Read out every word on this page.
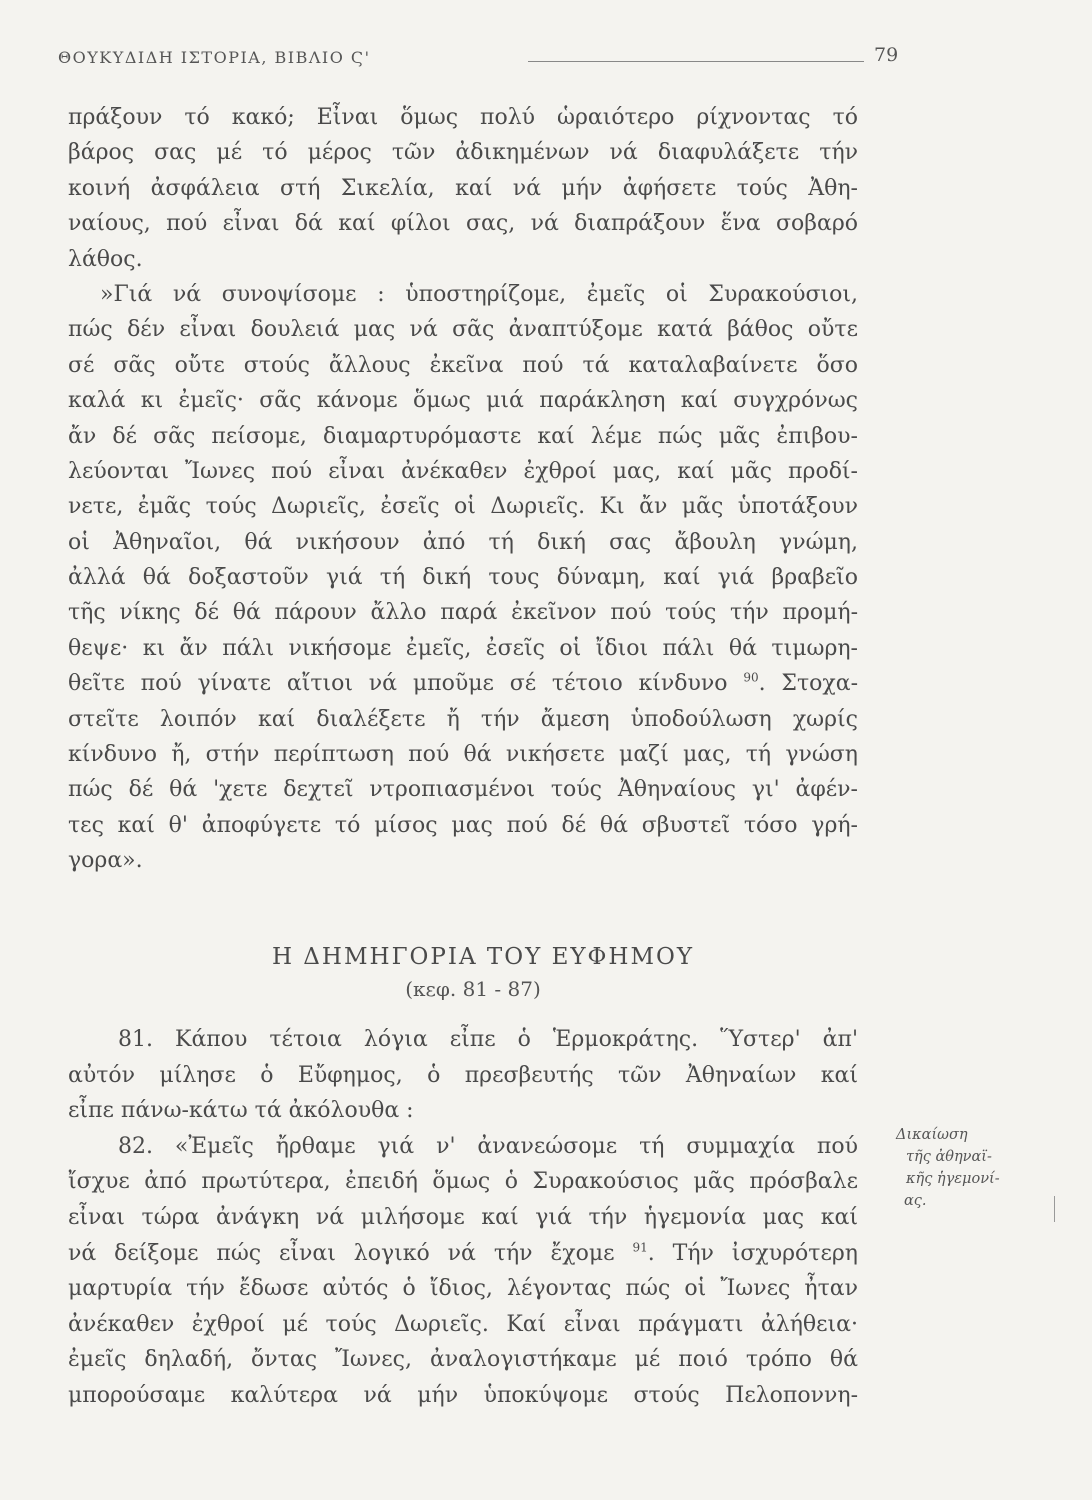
ΘΟΥΚΥΔΙΔΗ ΙΣΤΟΡΙΑ, ΒΙΒΛΙΟ Ϛ'	79
πράξουν τό κακό; Εἶναι ὅμως πολύ ὡραιότερο ρίχνοντας τό
βάρος σας μέ τό μέρος τῶν ἀδικημένων νά διαφυλάξετε τήν
κοινή ἀσφάλεια στή Σικελία, καί νά μήν ἀφήσετε τούς Ἀθη-
ναίους, πού εἶναι δά καί φίλοι σας, νά διαπράξουν ἕνα σοβαρό
λάθος.
»Γιά νά συνοψίσομε : ὑποστηρίζομε, ἐμεῖς οἱ Συρακούσιοι,
πώς δέν εἶναι δουλειά μας νά σᾶς ἀναπτύξομε κατά βάθος οὔτε
σέ σᾶς οὔτε στούς ἄλλους ἐκεῖνα πού τά καταλαβαίνετε ὅσο
καλά κι ἐμεῖς· σᾶς κάνομε ὅμως μιά παράκληση καί συγχρόνως
ἄν δέ σᾶς πείσομε, διαμαρτυρόμαστε καί λέμε πώς μᾶς ἐπιβου-
λεύονται Ἴωνες πού εἶναι ἀνέκαθεν ἐχθροί μας, καί μᾶς προδί-
νετε, ἐμᾶς τούς Δωριεῖς, ἐσεῖς οἱ Δωριεῖς. Κι ἄν μᾶς ὑποτάξουν
οἱ Ἀθηναῖοι, θά νικήσουν ἀπό τή δική σας ἄβουλη γνώμη,
ἀλλά θά δοξαστοῦν γιά τή δική τους δύναμη, καί γιά βραβεῖο
τῆς νίκης δέ θά πάρουν ἄλλο παρά ἐκεῖνον πού τούς τήν προμή-
θεψε· κι ἄν πάλι νικήσομε ἐμεῖς, ἐσεῖς οἱ ἴδιοι πάλι θά τιμωρη-
θεῖτε πού γίνατε αἴτιοι νά μποῦμε σέ τέτοιο κίνδυνο $^{90}$. Στοχα-
στεῖτε λοιπόν καί διαλέξετε ἤ τήν ἄμεση ὑποδούλωση χωρίς
κίνδυνο ἤ, στήν περίπτωση πού θά νικήσετε μαζί μας, τή γνώση
πώς δέ θά 'χετε δεχτεῖ ντροπιασμένοι τούς Ἀθηναίους γι' ἀφέν-
τες καί θ' ἀποφύγετε τό μίσος μας πού δέ θά σβυστεῖ τόσο γρή-
γορα».
Η ΔΗΜΗΓΟΡΙΑ ΤΟΥ ΕΥΦΗΜΟΥ
(κεφ. 81 - 87)
81. Κάπου τέτοια λόγια εἶπε ὁ Ἑρμοκράτης. Ὕστερ' ἀπ'
αὐτόν μίλησε ὁ Εὔφημος, ὁ πρεσβευτής τῶν Ἀθηναίων καί
εἶπε πάνω-κάτω τά ἀκόλουθα :
82. «Ἐμεῖς ἤρθαμε γιά ν' ἀνανεώσομε τή συμμαχία πού
ἴσχυε ἀπό πρωτύτερα, ἐπειδή ὅμως ὁ Συρακούσιος μᾶς πρόσβαλε
εἶναι τώρα ἀνάγκη νά μιλήσομε καί γιά τήν ἡγεμονία μας καί
νά δείξομε πώς εἶναι λογικό νά τήν ἔχομε $^{91}$. Τήν ἰσχυρότερη
μαρτυρία τήν ἔδωσε αὐτός ὁ ἴδιος, λέγοντας πώς οἱ Ἴωνες ἦταν
ἀνέκαθεν ἐχθροί μέ τούς Δωριεῖς. Καί εἶναι πράγματι ἀλήθεια·
ἐμεῖς δηλαδή, ὄντας Ἴωνες, ἀναλογιστήκαμε μέ ποιό τρόπο θά
μπορούσαμε καλύτερα νά μήν ὑποκύψομε στούς Πελοποννη-
Δικαίωση
τῆς ἀθηναϊ-
κῆς ἡγεμονί-
ας.
